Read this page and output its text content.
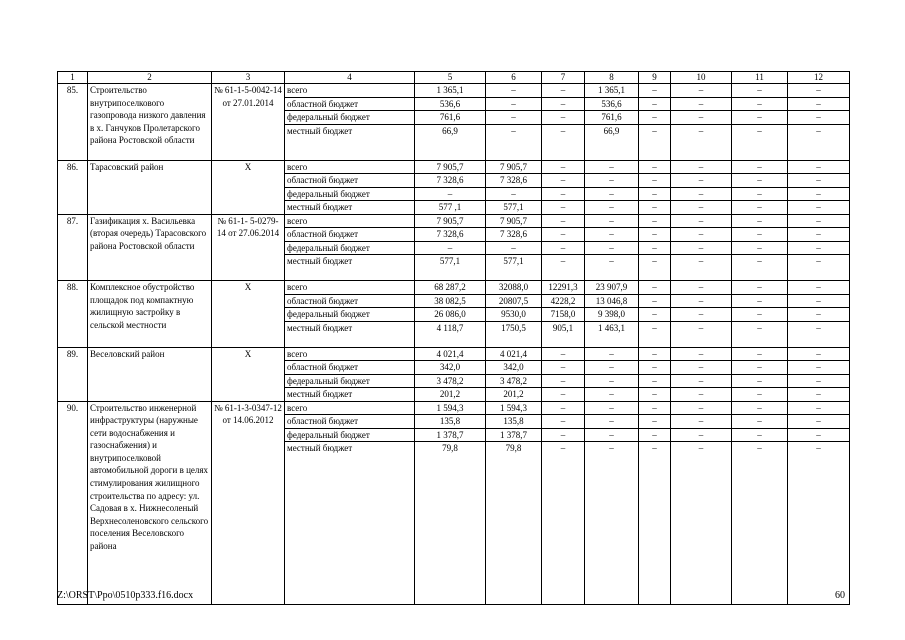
1	2	3	4	5	6	7	8	9	10	11	12
85.	Строительство внутрипоселкового газопровода низкого давления в х. Ганчуков Пролетарского района Ростовской области	№ 61-1-5-0042-14 от 27.01.2014	всего	1 365,1	–	–	1 365,1	–	–	–	–
			областной бюджет	536,6	–	–	536,6	–	–	–	–
			федеральный бюджет	761,6	–	–	761,6	–	–	–	–
			местный бюджет	66,9	–	–	66,9	–	–	–	–
86.	Тарасовский район	Х	всего	7 905,7	7 905,7	–	–	–	–	–	–
			областной бюджет	7 328,6	7 328,6	–	–	–	–	–	–
			федеральный бюджет	–	–	–	–	–	–	–	–
			местный бюджет	577 ,1	577,1	–	–	–	–	–	–
87.	Газификация х. Васильевка (вторая очередь) Тарасовского района Ростовской области	№ 61-1- 5-0279-14 от 27.06.2014	всего	7 905,7	7 905,7	–	–	–	–	–	–
			областной бюджет	7 328,6	7 328,6	–	–	–	–	–	–
			федеральный бюджет	–	–	–	–	–	–	–	–
			местный бюджет	577,1	577,1	–	–	–	–	–	–
88.	Комплексное обустройство площадок под компактную жилищную застройку в сельской местности	Х	всего	68 287,2	32088,0	12291,3	23 907,9	–	–	–	–
			областной бюджет	38 082,5	20807,5	4228,2	13 046,8	–	–	–	–
			федеральный бюджет	26 086,0	9530,0	7158,0	9 398,0	–	–	–	–
			местный бюджет	4 118,7	1750,5	905,1	1 463,1	–	–	–	–
89.	Веселовский район	Х	всего	4 021,4	4 021,4	–	–	–	–	–	–
			областной бюджет	342,0	342,0	–	–	–	–	–	–
			федеральный бюджет	3 478,2	3 478,2	–	–	–	–	–	–
			местный бюджет	201,2	201,2	–	–	–	–	–	–
90.	Строительство инженерной инфраструктуры (наружные сети водоснабжения и газоснабжения) и внутрипоселковой автомобильной дороги в целях стимулирования жилищного строительства по адресу: ул. Садовая в х. Нижнесоленый Верхнесоленовского сельского поселения Веселовского района	№ 61-1-3-0347-12 от 14.06.2012	всего	1 594,3	1 594,3	–	–	–	–	–	–
			областной бюджет	135,8	135,8	–	–	–	–	–	–
			федеральный бюджет	1 378,7	1 378,7	–	–	–	–	–	–
			местный бюджет	79,8	79,8	–	–	–	–	–	–
Z:\ORST\Ppo\0510p333.f16.docx	60
